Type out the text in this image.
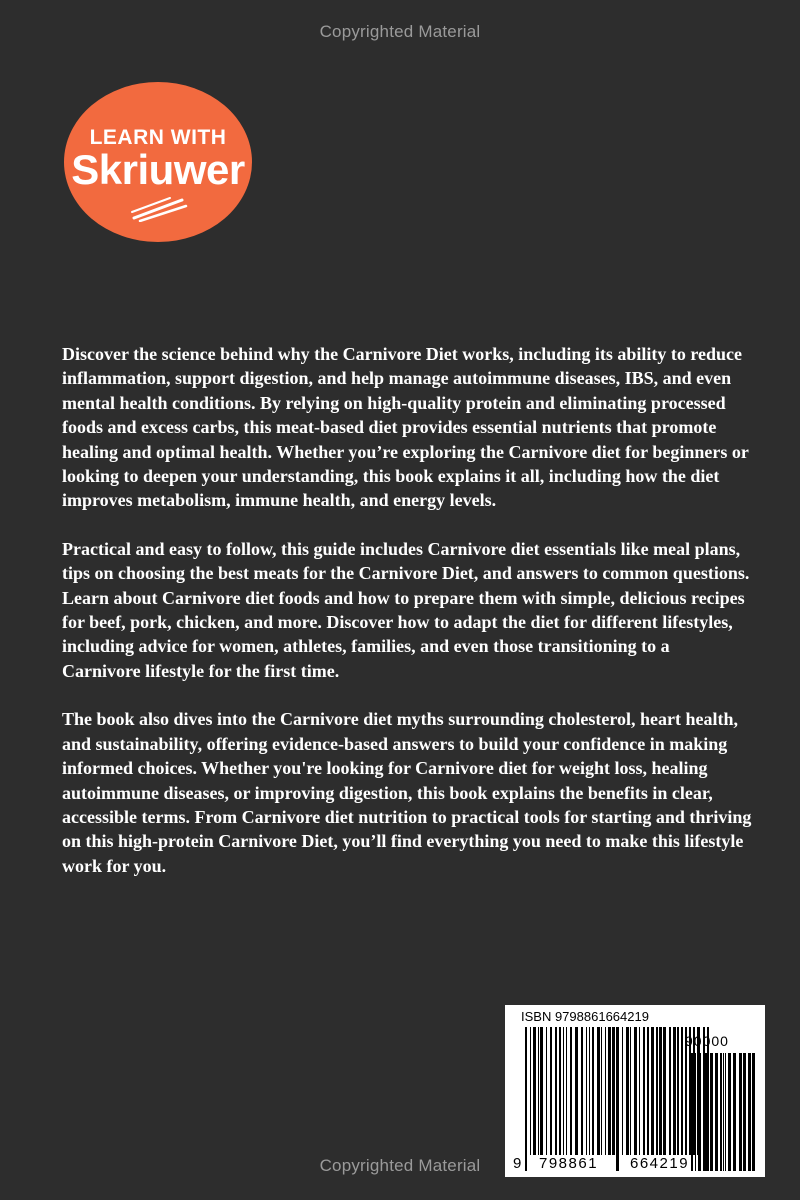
Copyrighted Material
LEARN WITH
Skriuwer

Discover the science behind why the Carnivore Diet works, including its ability to reduce inflammation, support digestion, and help manage autoimmune diseases, IBS, and even mental health conditions. By relying on high-quality protein and eliminating processed foods and excess carbs, this meat-based diet provides essential nutrients that promote healing and optimal health. Whether you’re exploring the Carnivore diet for beginners or looking to deepen your understanding, this book explains it all, including how the diet improves metabolism, immune health, and energy levels.

Practical and easy to follow, this guide includes Carnivore diet essentials like meal plans, tips on choosing the best meats for the Carnivore Diet, and answers to common questions. Learn about Carnivore diet foods and how to prepare them with simple, delicious recipes for beef, pork, chicken, and more. Discover how to adapt the diet for different lifestyles, including advice for women, athletes, families, and even those transitioning to a Carnivore lifestyle for the first time.

The book also dives into the Carnivore diet myths surrounding cholesterol, heart health, and sustainability, offering evidence-based answers to build your confidence in making informed choices. Whether you're looking for Carnivore diet for weight loss, healing autoimmune diseases, or improving digestion, this book explains the benefits in clear, accessible terms. From Carnivore diet nutrition to practical tools for starting and thriving on this high-protein Carnivore Diet, you’ll find everything you need to make this lifestyle work for you.

ISBN 9798861664219
90000
9 798861 664219
Copyrighted Material
